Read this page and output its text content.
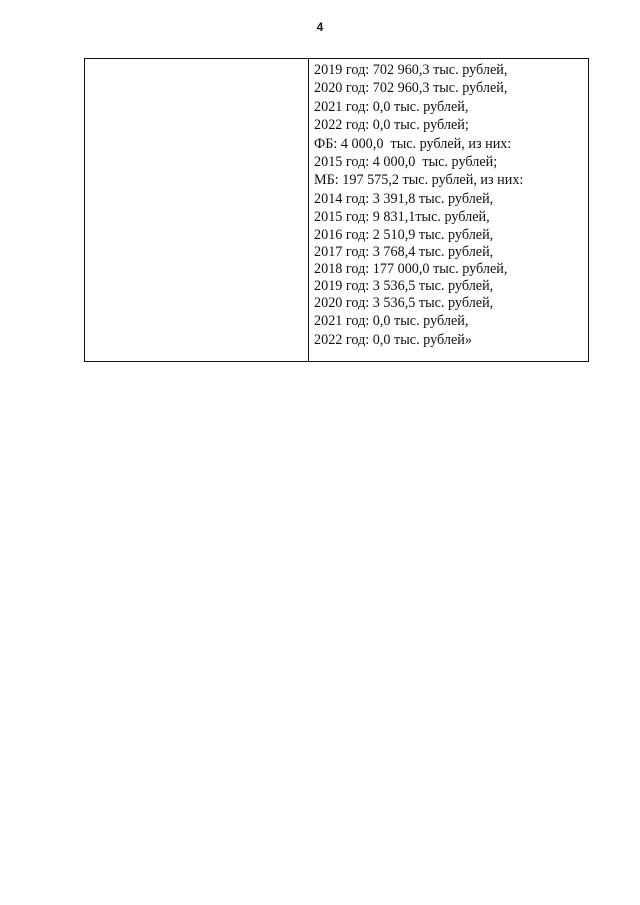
4
2019 год: 702 960,3 тыс. рублей,
2020 год: 702 960,3 тыс. рублей,
2021 год: 0,0 тыс. рублей,
2022 год: 0,0 тыс. рублей;
ФБ: 4 000,0  тыс. рублей, из них:
2015 год: 4 000,0  тыс. рублей;
МБ: 197 575,2 тыс. рублей, из них:
2014 год: 3 391,8 тыс. рублей,
2015 год: 9 831,1тыс. рублей,
2016 год: 2 510,9 тыс. рублей,
2017 год: 3 768,4 тыс. рублей,
2018 год: 177 000,0 тыс. рублей,
2019 год: 3 536,5 тыс. рублей,
2020 год: 3 536,5 тыс. рублей,
2021 год: 0,0 тыс. рублей,
2022 год: 0,0 тыс. рублей»
